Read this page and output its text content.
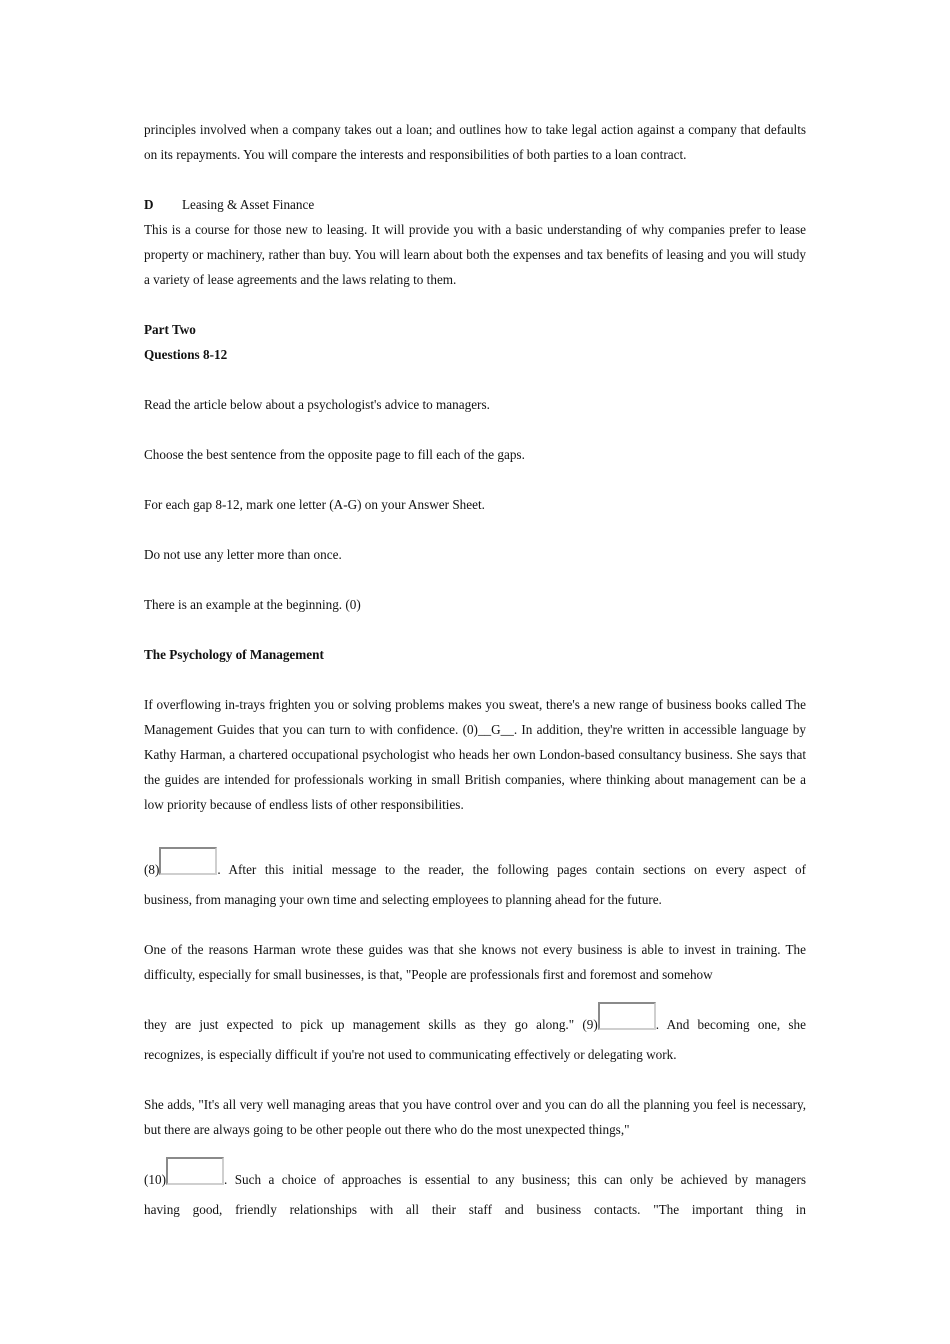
principles involved when a company takes out a loan; and outlines how to take legal action against a company that defaults on its repayments. You will compare the interests and responsibilities of both parties to a loan contract.

D	Leasing & Asset Finance

This is a course for those new to leasing. It will provide you with a basic understanding of why companies prefer to lease property or machinery, rather than buy. You will learn about both the expenses and tax benefits of leasing and you will study a variety of lease agreements and the laws relating to them.

Part Two

Questions 8-12

Read the article below about a psychologist's advice to managers.

Choose the best sentence from the opposite page to fill each of the gaps.

For each gap 8-12, mark one letter (A-G) on your Answer Sheet.

Do not use any letter more than once.

There is an example at the beginning. (0)

The Psychology of Management

If overflowing in-trays frighten you or solving problems makes you sweat, there's a new range of business books called The Management Guides that you can turn to with confidence. (0)__G__. In addition, they're written in accessible language by Kathy Harman, a chartered occupational psychologist who heads her own London-based consultancy business. She says that the guides are intended for professionals working in small British companies, where thinking about management can be a low priority because of endless lists of other responsibilities.

(8)	. After this initial message to the reader, the following pages contain sections on every aspect of

business, from managing your own time and selecting employees to planning ahead for the future.

One of the reasons Harman wrote these guides was that she knows not every business is able to invest in training. The difficulty, especially for small businesses, is that, "People are professionals first and foremost and somehow

they are just expected to pick up management skills as they go along." (9)	. And becoming one, she

recognizes, is especially difficult if you're not used to communicating effectively or delegating work.

She adds, "It's all very well managing areas that you have control over and you can do all the planning you feel is necessary, but there are always going to be other people out there who do the most unexpected things,"

(10)	. Such a choice of approaches is essential to any business; this can only be achieved by managers
having good, friendly relationships with all their staff and business contacts. "The important thing in
